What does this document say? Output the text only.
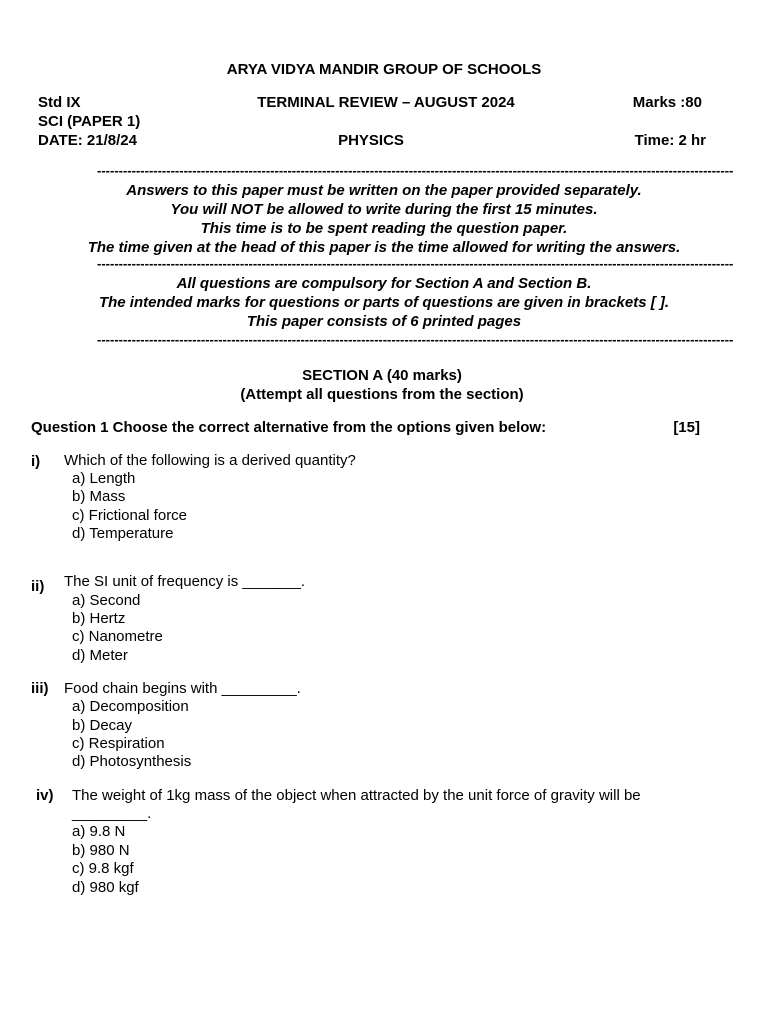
ARYA VIDYA MANDIR GROUP OF SCHOOLS
Std IX	TERMINAL REVIEW – AUGUST 2024	Marks :80
SCI (PAPER 1)
DATE: 21/8/24	PHYSICS	Time: 2 hr
---------------------------------------------------------------------------------------------------------------------------------------------------
Answers to this paper must be written on the paper provided separately.
You will NOT be allowed to write during the first 15 minutes.
This time is to be spent reading the question paper.
The time given at the head of this paper is the time allowed for writing the answers.
---------------------------------------------------------------------------------------------------------------------------------------------------
All questions are compulsory for Section A and Section B.
The intended marks for questions or parts of questions are given in brackets [ ].
This paper consists of 6 printed pages
---------------------------------------------------------------------------------------------------------------------------------------------------
SECTION A (40 marks)
(Attempt all questions from the section)
Question 1 Choose the correct alternative from the options given below:	[15]
i) Which of the following is a derived quantity?
a) Length
b) Mass
c) Frictional force
d) Temperature
ii) The SI unit of frequency is _______.
a) Second
b) Hertz
c) Nanometre
d) Meter
iii) Food chain begins with _________.
a) Decomposition
b) Decay
c) Respiration
d) Photosynthesis
iv) The weight of 1kg mass of the object when attracted by the unit force of gravity will be
_________.
a) 9.8 N
b) 980 N
c) 9.8 kgf
d) 980 kgf
